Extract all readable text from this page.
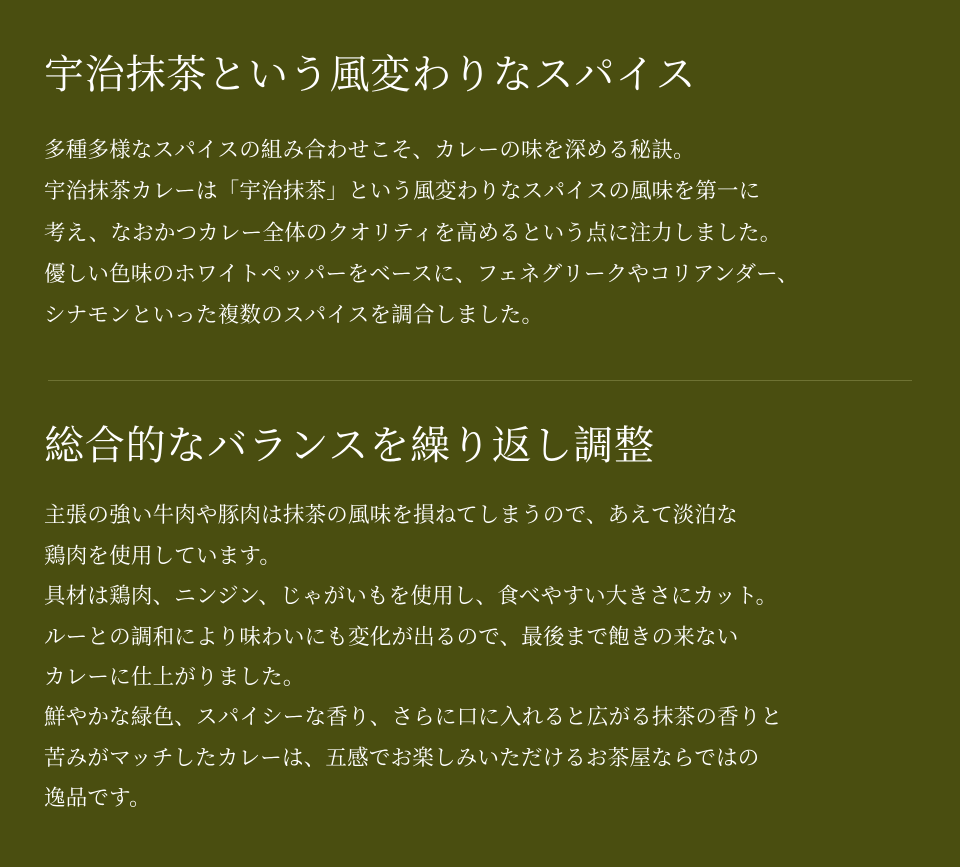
宇治抹茶という風変わりなスパイス
多種多様なスパイスの組み合わせこそ、カレーの味を深める秘訣。
宇治抹茶カレーは「宇治抹茶」という風変わりなスパイスの風味を第一に
考え、なおかつカレー全体のクオリティを高めるという点に注力しました。
優しい色味のホワイトペッパーをベースに、フェネグリークやコリアンダー、
シナモンといった複数のスパイスを調合しました。
総合的なバランスを繰り返し調整
主張の強い牛肉や豚肉は抹茶の風味を損ねてしまうので、あえて淡泊な
鶏肉を使用しています。
具材は鶏肉、ニンジン、じゃがいもを使用し、食べやすい大きさにカット。
ルーとの調和により味わいにも変化が出るので、最後まで飽きの来ない
カレーに仕上がりました。
鮮やかな緑色、スパイシーな香り、さらに口に入れると広がる抹茶の香りと
苦みがマッチしたカレーは、五感でお楽しみいただけるお茶屋ならではの
逸品です。
